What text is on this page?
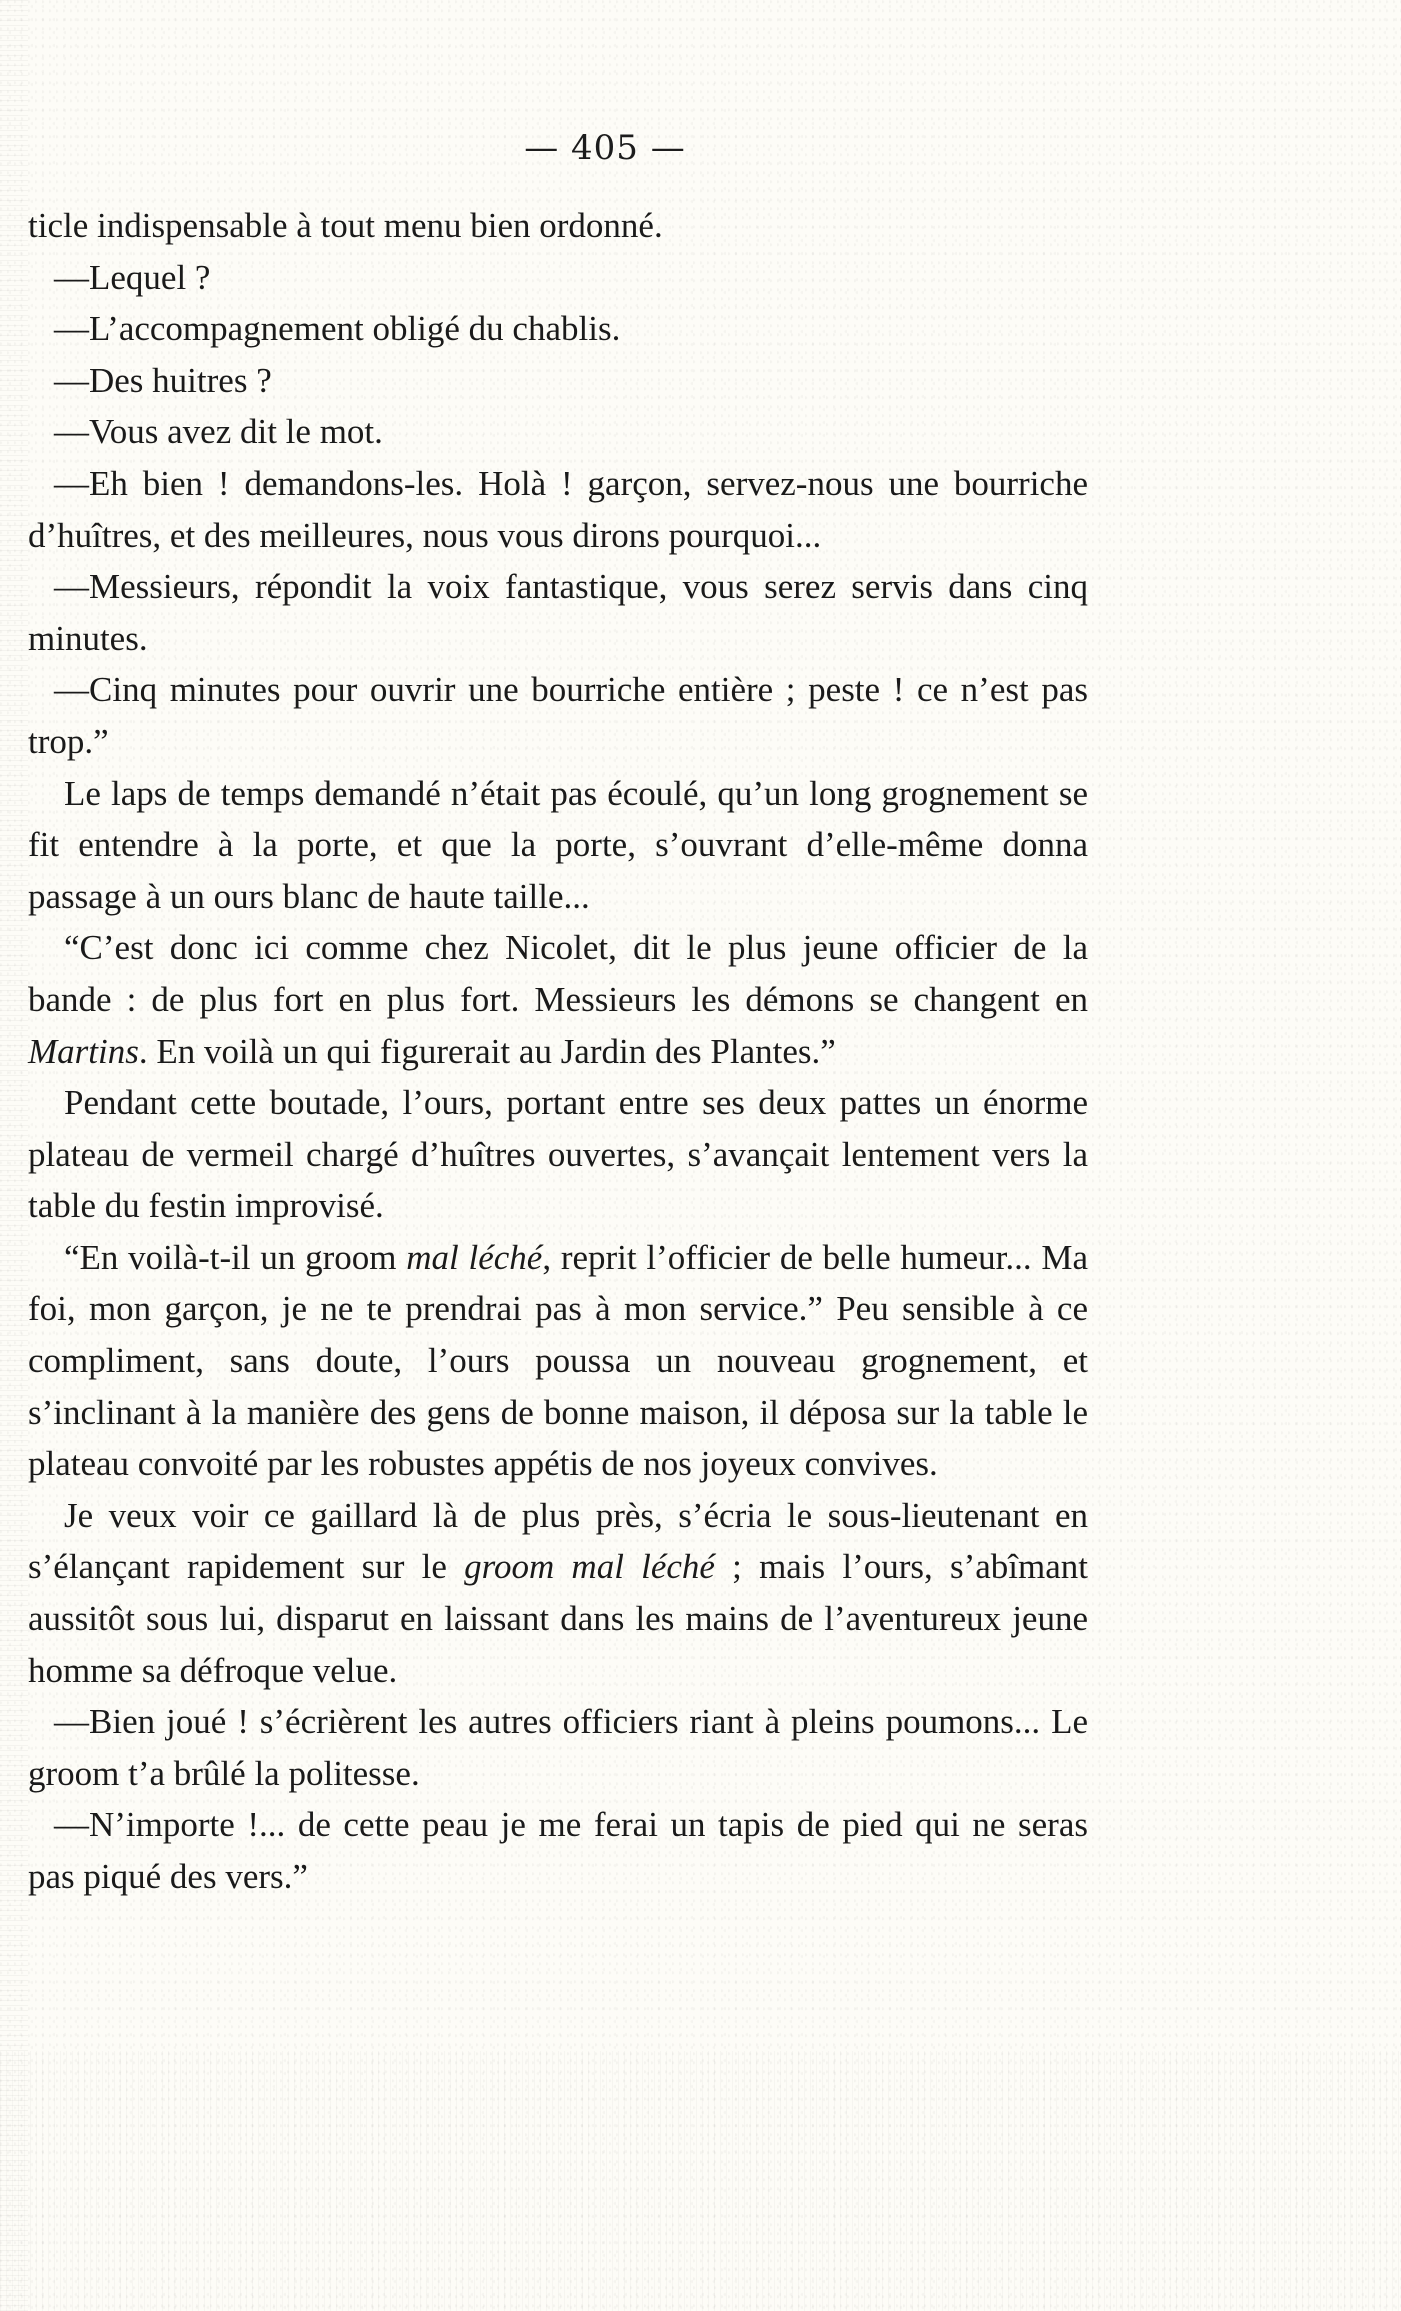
— 405 —

ticle indispensable à tout menu bien ordonné.

—Lequel ?

—L’accompagnement obligé du chablis.

—Des huitres ?

—Vous avez dit le mot.

—Eh bien ! demandons-les. Holà ! garçon, servez-nous une bourriche d’huîtres, et des meilleures, nous vous dirons pourquoi...

—Messieurs, répondit la voix fantastique, vous serez servis dans cinq minutes.

—Cinq minutes pour ouvrir une bourriche entière ; peste ! ce n’est pas trop.”

Le laps de temps demandé n’était pas écoulé, qu’un long grognement se fit entendre à la porte, et que la porte, s’ouvrant d’elle-même donna passage à un ours blanc de haute taille...

“C’est donc ici comme chez Nicolet, dit le plus jeune officier de la bande : de plus fort en plus fort. Messieurs les démons se changent en Martins. En voilà un qui figurerait au Jardin des Plantes.”

Pendant cette boutade, l’ours, portant entre ses deux pattes un énorme plateau de vermeil chargé d’huîtres ouvertes, s’avançait lentement vers la table du festin improvisé.

“En voilà-t-il un groom mal léché, reprit l’officier de belle humeur... Ma foi, mon garçon, je ne te prendrai pas à mon service.” Peu sensible à ce compliment, sans doute, l’ours poussa un nouveau grognement, et s’inclinant à la manière des gens de bonne maison, il déposa sur la table le plateau convoité par les robustes appétis de nos joyeux convives.

Je veux voir ce gaillard là de plus près, s’écria le sous-lieutenant en s’élançant rapidement sur le groom mal léché ; mais l’ours, s’abîmant aussitôt sous lui, disparut en laissant dans les mains de l’aventureux jeune homme sa défroque velue.

—Bien joué ! s’écrièrent les autres officiers riant à pleins poumons... Le groom t’a brûlé la politesse.

—N’importe !... de cette peau je me ferai un tapis de pied qui ne seras pas piqué des vers.”
